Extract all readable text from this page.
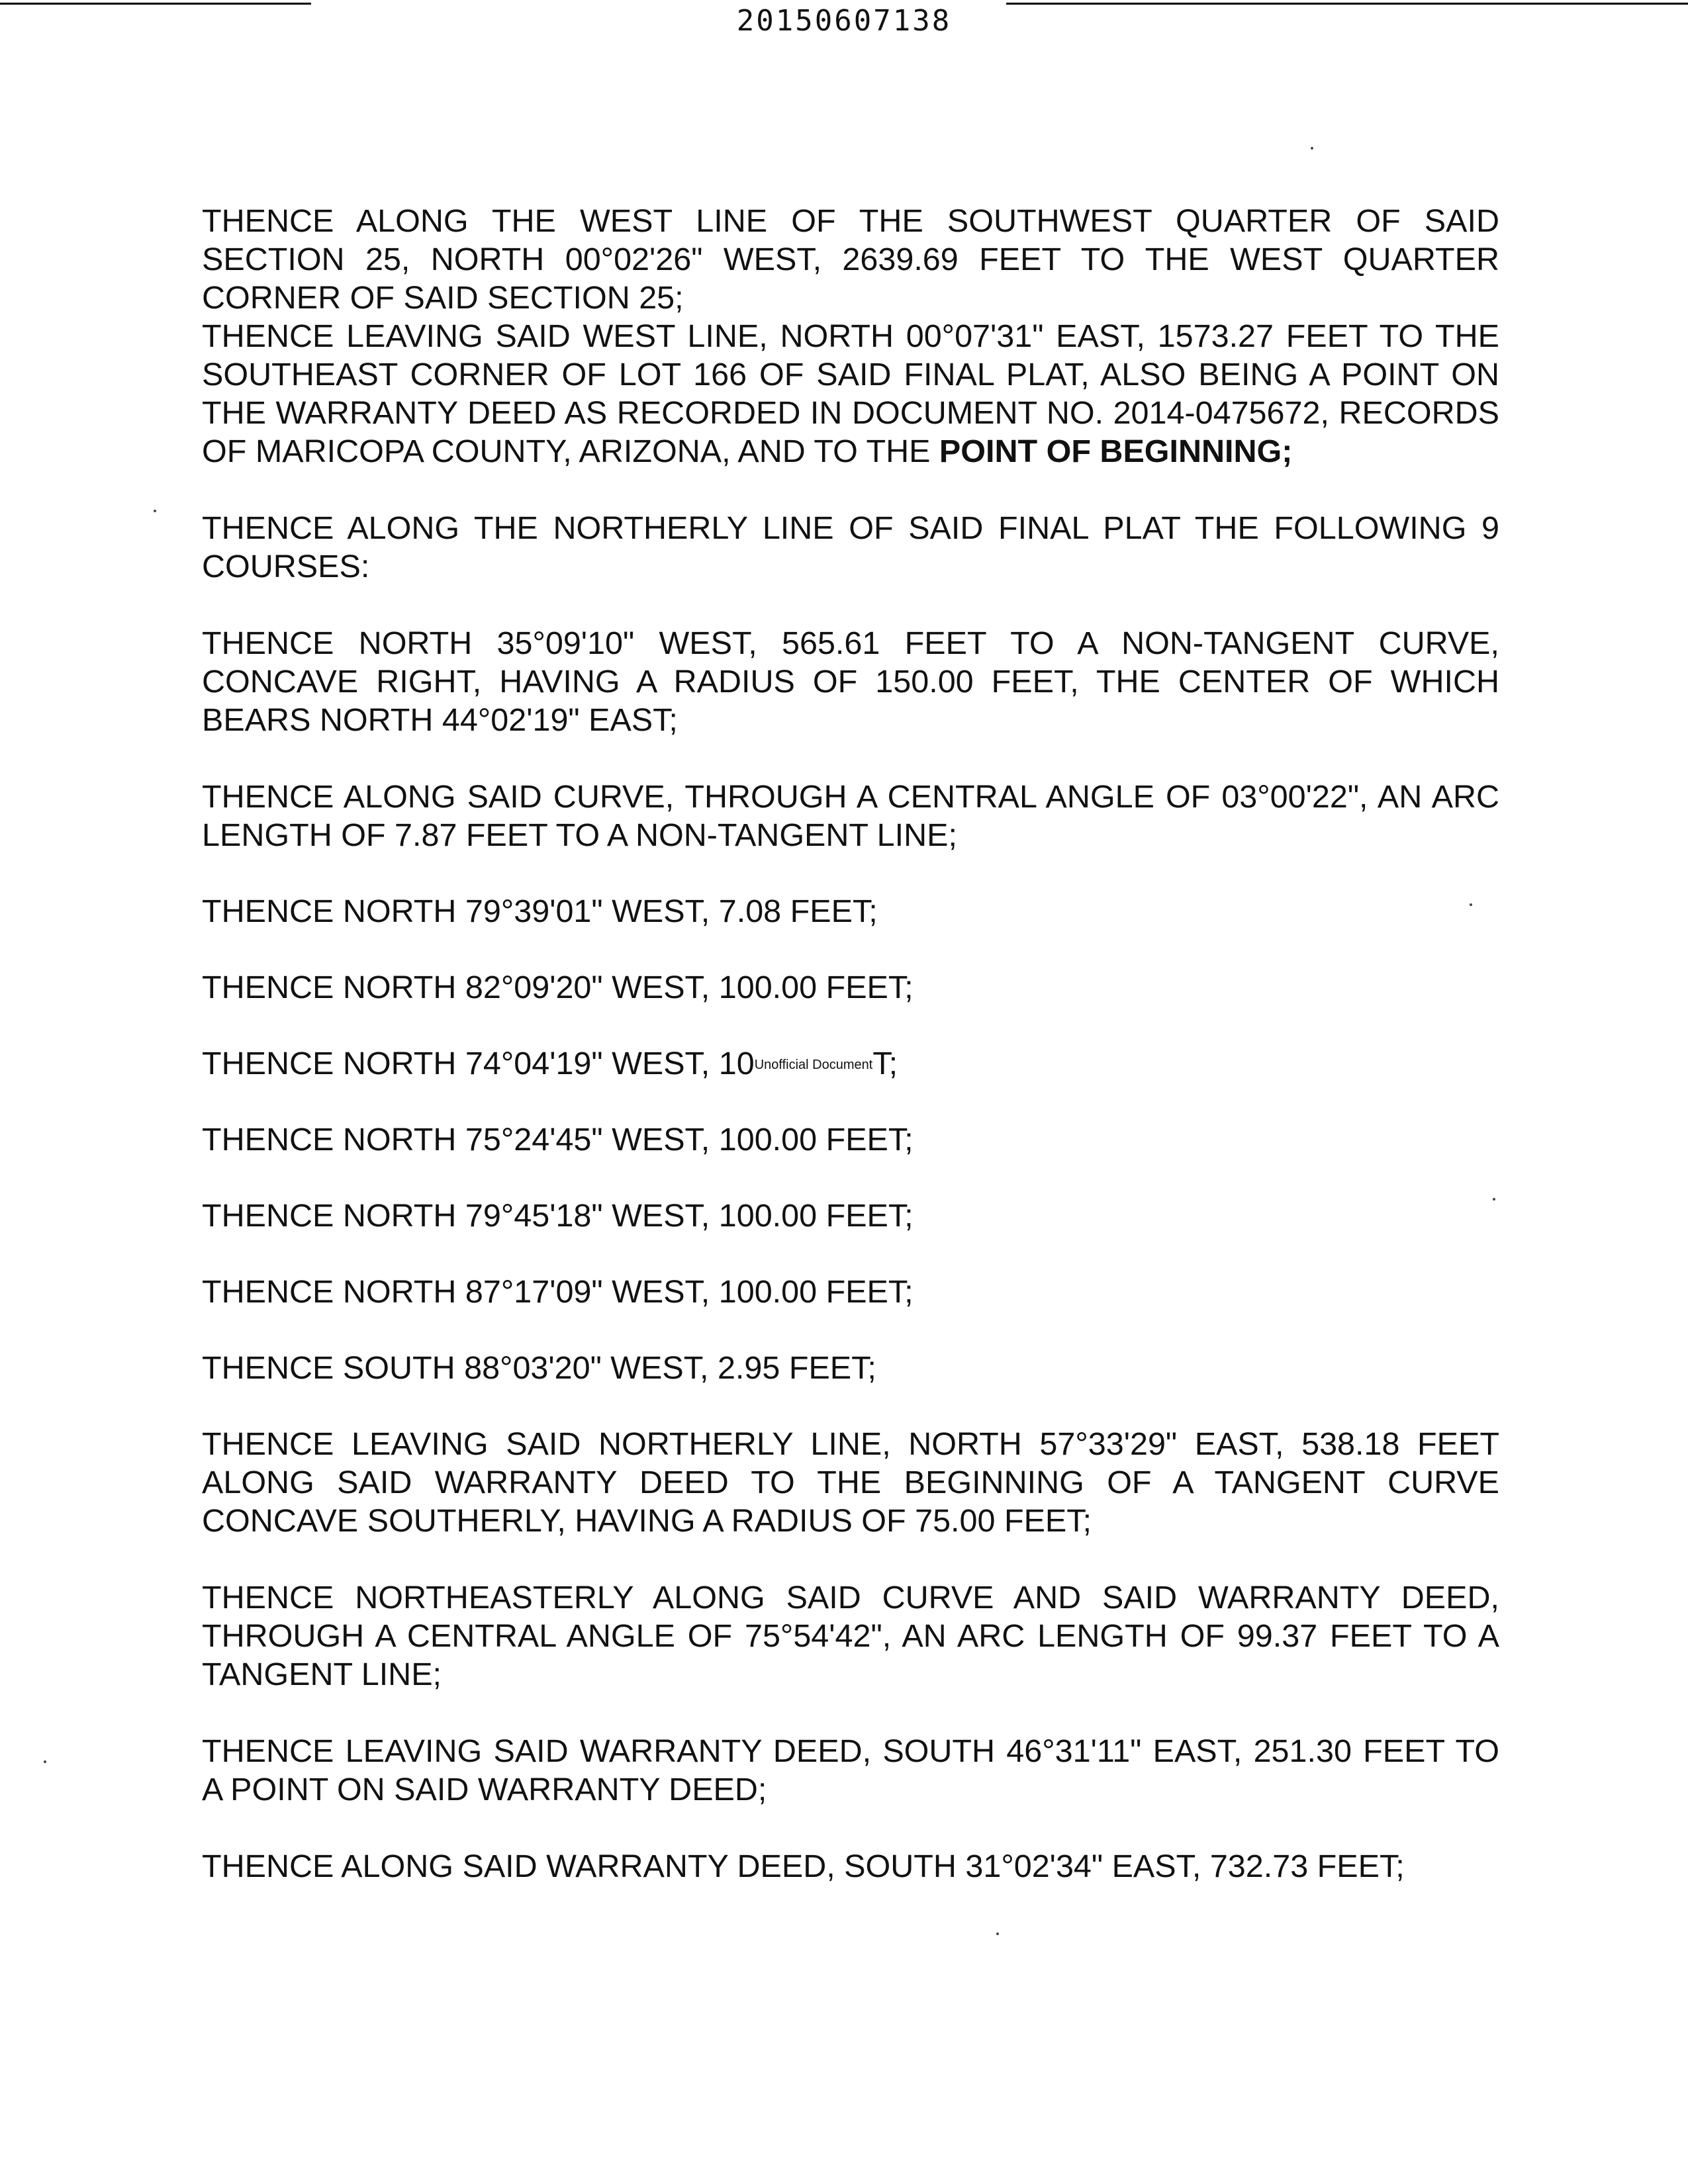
20150607138

THENCE ALONG THE WEST LINE OF THE SOUTHWEST QUARTER OF SAID SECTION 25, NORTH 00°02'26" WEST, 2639.69 FEET TO THE WEST QUARTER CORNER OF SAID SECTION 25;

THENCE LEAVING SAID WEST LINE, NORTH 00°07'31" EAST, 1573.27 FEET TO THE SOUTHEAST CORNER OF LOT 166 OF SAID FINAL PLAT, ALSO BEING A POINT ON THE WARRANTY DEED AS RECORDED IN DOCUMENT NO. 2014-0475672, RECORDS OF MARICOPA COUNTY, ARIZONA, AND TO THE POINT OF BEGINNING;

THENCE ALONG THE NORTHERLY LINE OF SAID FINAL PLAT THE FOLLOWING 9 COURSES:

THENCE NORTH 35°09'10" WEST, 565.61 FEET TO A NON-TANGENT CURVE, CONCAVE RIGHT, HAVING A RADIUS OF 150.00 FEET, THE CENTER OF WHICH BEARS NORTH 44°02'19" EAST;

THENCE ALONG SAID CURVE, THROUGH A CENTRAL ANGLE OF 03°00'22", AN ARC LENGTH OF 7.87 FEET TO A NON-TANGENT LINE;

THENCE NORTH 79°39'01" WEST, 7.08 FEET;

THENCE NORTH 82°09'20" WEST, 100.00 FEET;

THENCE NORTH 74°04'19" WEST, 10Unofficial DocumentT;

THENCE NORTH 75°24'45" WEST, 100.00 FEET;

THENCE NORTH 79°45'18" WEST, 100.00 FEET;

THENCE NORTH 87°17'09" WEST, 100.00 FEET;

THENCE SOUTH 88°03'20" WEST, 2.95 FEET;

THENCE LEAVING SAID NORTHERLY LINE, NORTH 57°33'29" EAST, 538.18 FEET ALONG SAID WARRANTY DEED TO THE BEGINNING OF A TANGENT CURVE CONCAVE SOUTHERLY, HAVING A RADIUS OF 75.00 FEET;

THENCE NORTHEASTERLY ALONG SAID CURVE AND SAID WARRANTY DEED, THROUGH A CENTRAL ANGLE OF 75°54'42", AN ARC LENGTH OF 99.37 FEET TO A TANGENT LINE;

THENCE LEAVING SAID WARRANTY DEED, SOUTH 46°31'11" EAST, 251.30 FEET TO A POINT ON SAID WARRANTY DEED;

THENCE ALONG SAID WARRANTY DEED, SOUTH 31°02'34" EAST, 732.73 FEET;
